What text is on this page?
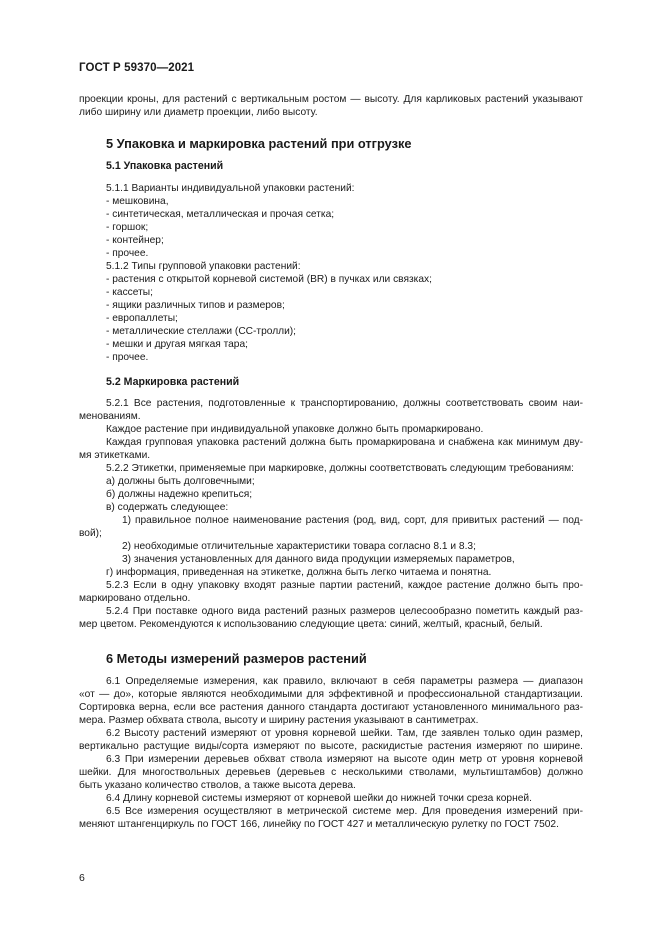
ГОСТ Р 59370—2021
проекции кроны, для растений с вертикальным ростом — высоту. Для карликовых растений указывают
либо ширину или диаметр проекции, либо высоту.
5 Упаковка и маркировка растений при отгрузке
5.1 Упаковка растений
5.1.1 Варианты индивидуальной упаковки растений:
- мешковина,
- синтетическая, металлическая и прочая сетка;
- горшок;
- контейнер;
- прочее.
5.1.2 Типы групповой упаковки растений:
- растения с открытой корневой системой (BR) в пучках или связках;
- кассеты;
- ящики различных типов и размеров;
- европаллеты;
- металлические стеллажи (СС-тролли);
- мешки и другая мягкая тара;
- прочее.
5.2 Маркировка растений
5.2.1 Все растения, подготовленные к транспортированию, должны соответствовать своим наи-
менованиям.
Каждое растение при индивидуальной упаковке должно быть промаркировано.
Каждая групповая упаковка растений должна быть промаркирована и снабжена как минимум дву-
мя этикетками.
5.2.2 Этикетки, применяемые при маркировке, должны соответствовать следующим требованиям:
а) должны быть долговечными;
б) должны надежно крепиться;
в) содержать следующее:
1) правильное полное наименование растения (род, вид, сорт, для привитых растений — под-
вой);
2) необходимые отличительные характеристики товара согласно 8.1 и 8.3;
3) значения установленных для данного вида продукции измеряемых параметров,
г) информация, приведенная на этикетке, должна быть легко читаема и понятна.
5.2.3 Если в одну упаковку входят разные партии растений, каждое растение должно быть про-
маркировано отдельно.
5.2.4 При поставке одного вида растений разных размеров целесообразно пометить каждый раз-
мер цветом. Рекомендуются к использованию следующие цвета: синий, желтый, красный, белый.
6 Методы измерений размеров растений
6.1 Определяемые измерения, как правило, включают в себя параметры размера — диапазон
«от — до», которые являются необходимыми для эффективной и профессиональной стандартизации.
Сортировка верна, если все растения данного стандарта достигают установленного минимального раз-
мера. Размер обхвата ствола, высоту и ширину растения указывают в сантиметрах.
6.2 Высоту растений измеряют от уровня корневой шейки. Там, где заявлен только один размер,
вертикально растущие виды/сорта измеряют по высоте, раскидистые растения измеряют по ширине.
6.3 При измерении деревьев обхват ствола измеряют на высоте один метр от уровня корневой
шейки. Для многоствольных деревьев (деревьев с несколькими стволами, мультиштамбов) должно
быть указано количество стволов, а также высота дерева.
6.4 Длину корневой системы измеряют от корневой шейки до нижней точки среза корней.
6.5 Все измерения осуществляют в метрической системе мер. Для проведения измерений при-
меняют штангенциркуль по ГОСТ 166, линейку по ГОСТ 427 и металлическую рулетку по ГОСТ 7502.
6
